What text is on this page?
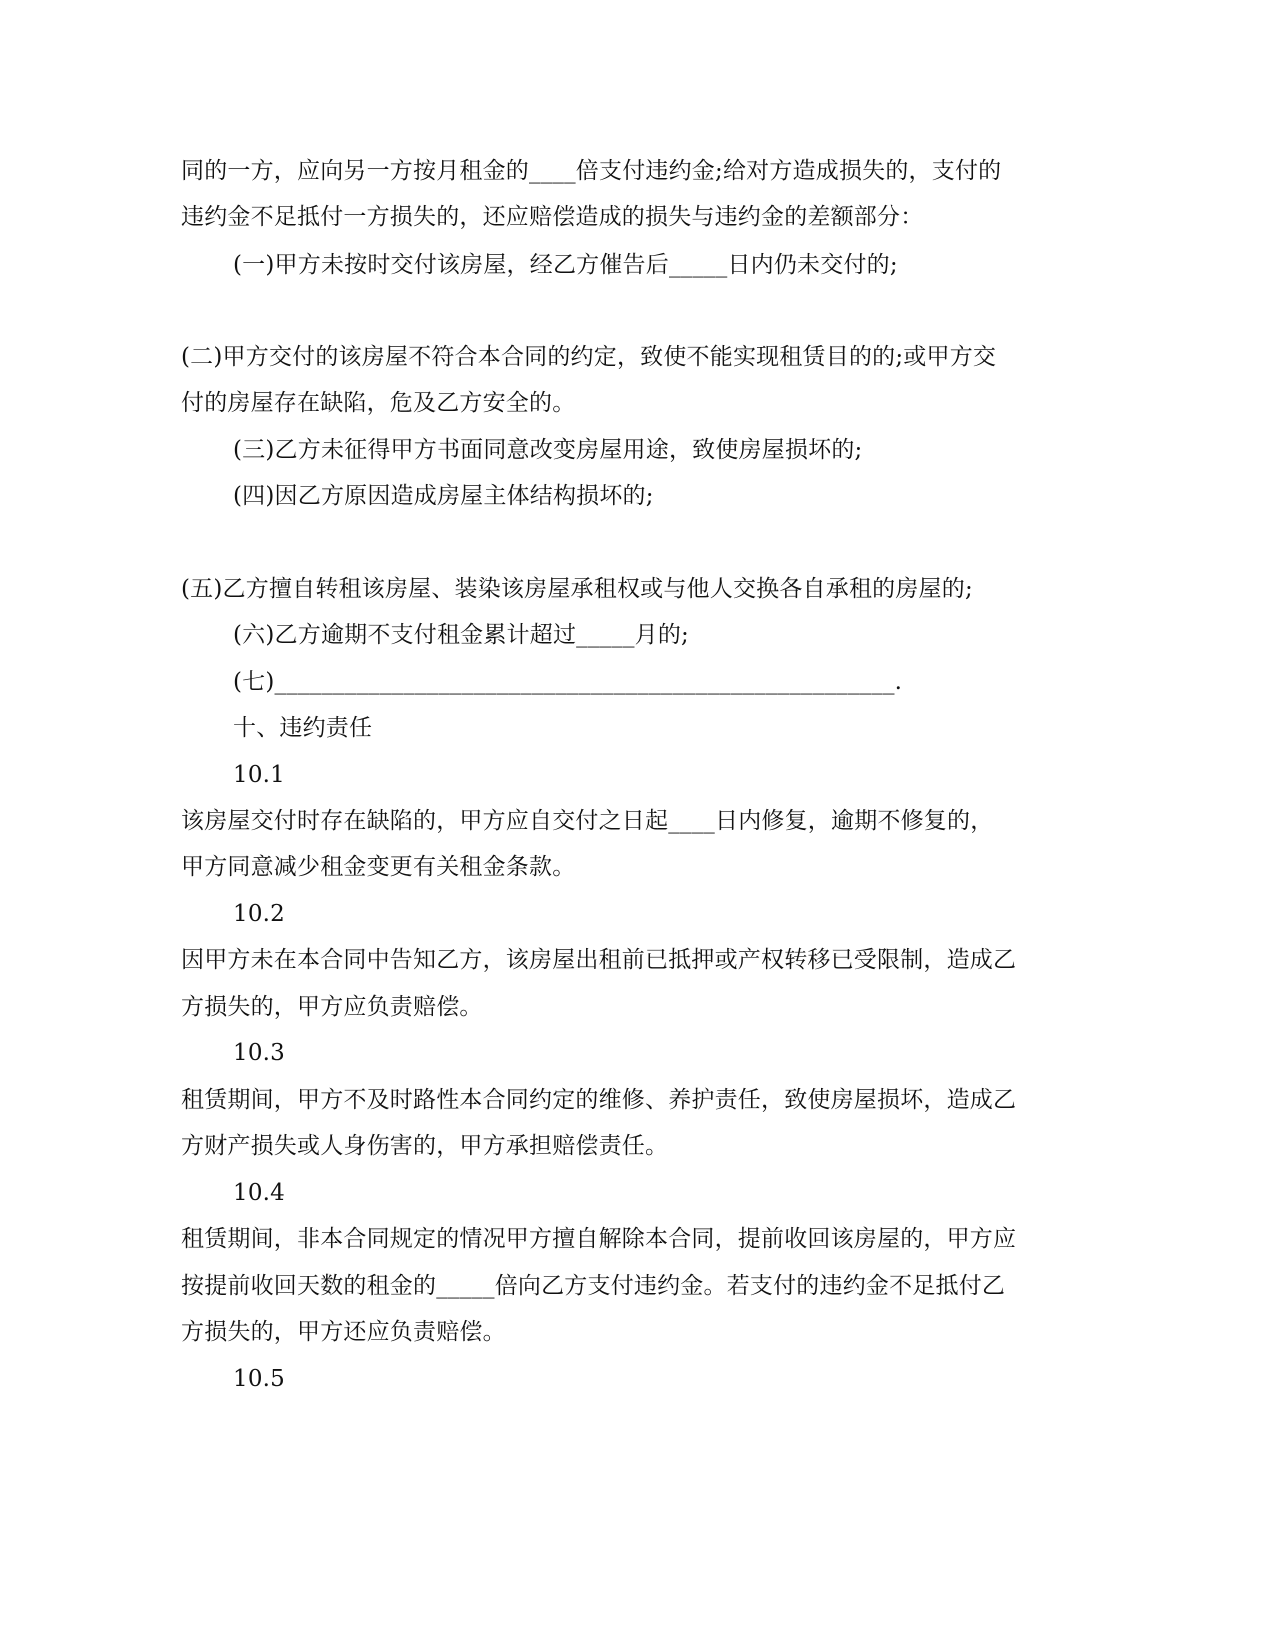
同的一方，应向另一方按月租金的____倍支付违约金;给对方造成损失的，支付的
违约金不足抵付一方损失的，还应赔偿造成的损失与违约金的差额部分：
(一)甲方未按时交付该房屋，经乙方催告后_____日内仍未交付的;
(二)甲方交付的该房屋不符合本合同的约定，致使不能实现租赁目的的;或甲方交
付的房屋存在缺陷，危及乙方安全的。
(三)乙方未征得甲方书面同意改变房屋用途，致使房屋损坏的;
(四)因乙方原因造成房屋主体结构损坏的;
(五)乙方擅自转租该房屋、装染该房屋承租权或与他人交换各自承租的房屋的;
(六)乙方逾期不支付租金累计超过_____月的;
(七)_____________________________________________________.
十、违约责任
10.1
该房屋交付时存在缺陷的，甲方应自交付之日起____日内修复，逾期不修复的，
甲方同意减少租金变更有关租金条款。
10.2
因甲方未在本合同中告知乙方，该房屋出租前已抵押或产权转移已受限制，造成乙
方损失的，甲方应负责赔偿。
10.3
租赁期间，甲方不及时路性本合同约定的维修、养护责任，致使房屋损坏，造成乙
方财产损失或人身伤害的，甲方承担赔偿责任。
10.4
租赁期间，非本合同规定的情况甲方擅自解除本合同，提前收回该房屋的，甲方应
按提前收回天数的租金的_____倍向乙方支付违约金。若支付的违约金不足抵付乙
方损失的，甲方还应负责赔偿。
10.5
